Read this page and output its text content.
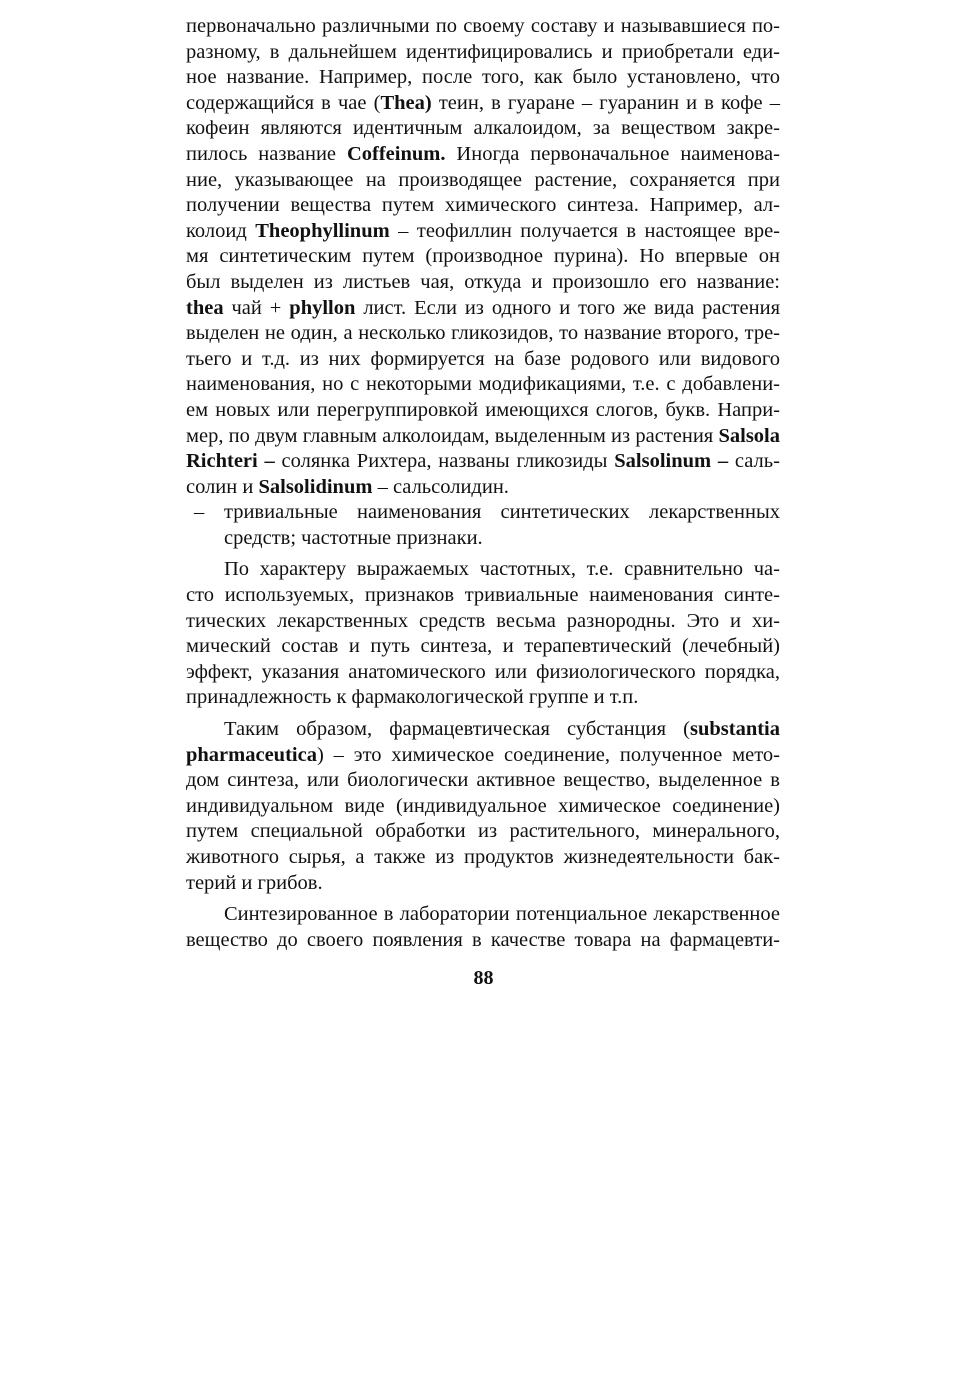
первоначально различными по своему составу и называвшиеся по-
разному, в дальнейшем идентифицировались и приобретали еди-
ное название. Например, после того, как было установлено, что
содержащийся в чае (Thea) теин, в гуаране – гуаранин и в кофе –
кофеин являются идентичным алкалоидом, за веществом закре-
пилось название Coffeinum. Иногда первоначальное наименова-
ние, указывающее на производящее растение, сохраняется при
получении вещества путем химического синтеза. Например, ал-
колоид Theophyllinum – теофиллин получается в настоящее вре-
мя синтетическим путем (производное пурина). Но впервые он
был выделен из листьев чая, откуда и произошло его название:
thea чай + phyllon лист. Если из одного и того же вида растения
выделен не один, а несколько гликозидов, то название второго, тре-
тьего и т.д. из них формируется на базе родового или видового
наименования, но с некоторыми модификациями, т.е. с добавлени-
ем новых или перегруппировкой имеющихся слогов, букв. Напри-
мер, по двум главным алколоидам, выделенным из растения Salsola
Richteri – солянка Рихтера, названы гликозиды Salsolinum – саль-
солин и Salsolidinum – сальсолидин.
– тривиальные наименования синтетических лекарственных
средств; частотные признаки.
По характеру выражаемых частотных, т.е. сравнительно ча-
сто используемых, признаков тривиальные наименования синте-
тических лекарственных средств весьма разнородны. Это и хи-
мический состав и путь синтеза, и терапевтический (лечебный)
эффект, указания анатомического или физиологического порядка,
принадлежность к фармакологической группе и т.п.
Таким образом, фармацевтическая субстанция (substantia
pharmaceutica) – это химическое соединение, полученное мето-
дом синтеза, или биологически активное вещество, выделенное в
индивидуальном виде (индивидуальное химическое соединение)
путем специальной обработки из растительного, минерального,
животного сырья, а также из продуктов жизнедеятельности бак-
терий и грибов.
Синтезированное в лаборатории потенциальное лекарственное
вещество до своего появления в качестве товара на фармацевти-
88
